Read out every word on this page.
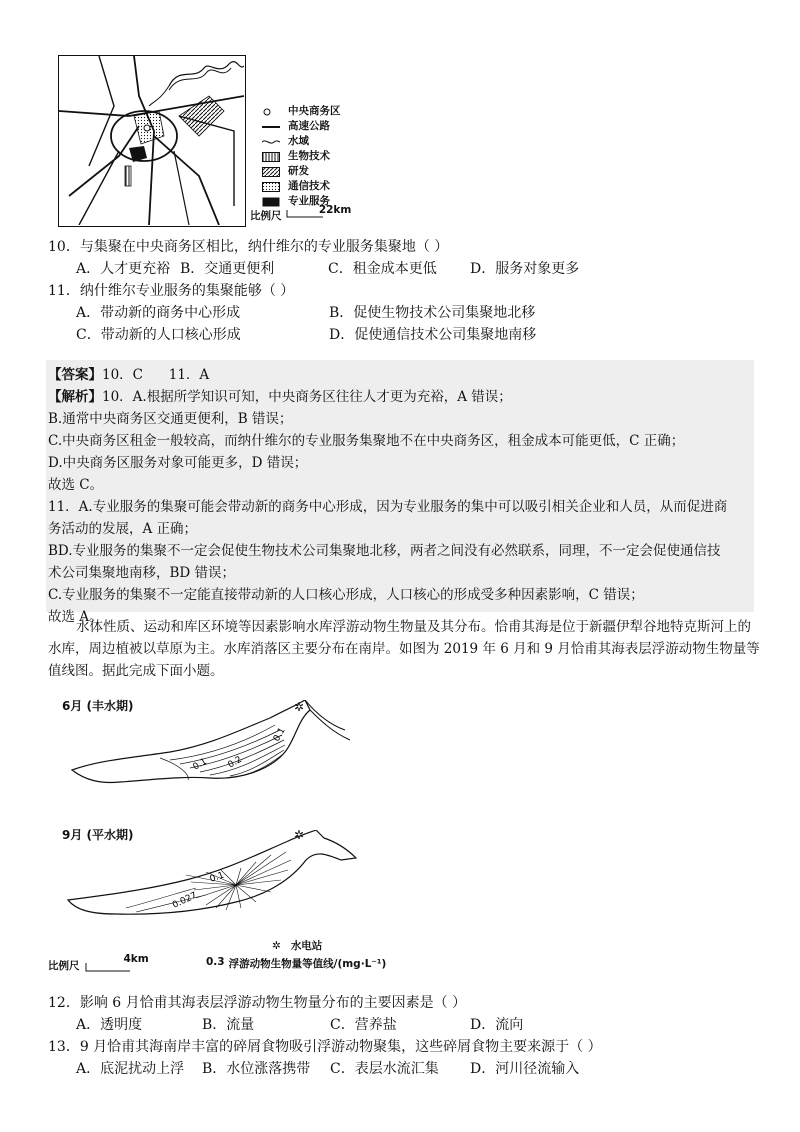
中央商务区
高速公路
水域
生物技术
研发
通信技术
专业服务
比例尺	22km
10．与集聚在中央商务区相比，纳什维尔的专业服务集聚地（ ）
A．人才更充裕 B．交通更便利	C．租金成本更低	D．服务对象更多
11．纳什维尔专业服务的集聚能够（ ）
A．带动新的商务中心形成	B．促使生物技术公司集聚地北移
C．带动新的人口核心形成	D．促使通信技术公司集聚地南移
【答案】10．C      11．A
【解析】10．A.根据所学知识可知，中央商务区往往人才更为充裕，A 错误；
B.通常中央商务区交通更便利，B 错误；
C.中央商务区租金一般较高，而纳什维尔的专业服务集聚地不在中央商务区，租金成本可能更低，C 正确；
D.中央商务区服务对象可能更多，D 错误；
故选 C。
11．A.专业服务的集聚可能会带动新的商务中心形成，因为专业服务的集中可以吸引相关企业和人员，从而促进商
务活动的发展，A 正确；
BD.专业服务的集聚不一定会促使生物技术公司集聚地北移，两者之间没有必然联系，同理，不一定会促使通信技
术公司集聚地南移，BD 错误；
C.专业服务的集聚不一定能直接带动新的人口核心形成，人口核心的形成受多种因素影响，C 错误；
故选 A。
水体性质、运动和库区环境等因素影响水库浮游动物生物量及其分布。恰甫其海是位于新疆伊犁谷地特克斯河上的水库，周边植被以草原为主。水库消落区主要分布在南岸。如图为 2019 年 6 月和 9 月恰甫其海表层浮游动物生物量等值线图。据此完成下面小题。
6月 (丰水期)
0.1 0.2
0.1
✲
9月 (平水期)
0.1
0.027
✲
✲ 水电站
比例尺
4km	0.3 浮游动物生物量等值线/(mg·L⁻¹)
12．影响 6 月恰甫其海表层浮游动物生物量分布的主要因素是（ ）
A．透明度	B．流量	C．营养盐	D．流向
13．9 月恰甫其海南岸丰富的碎屑食物吸引浮游动物聚集，这些碎屑食物主要来源于（ ）
A．底泥扰动上浮	B．水位涨落携带	C．表层水流汇集	D．河川径流输入
